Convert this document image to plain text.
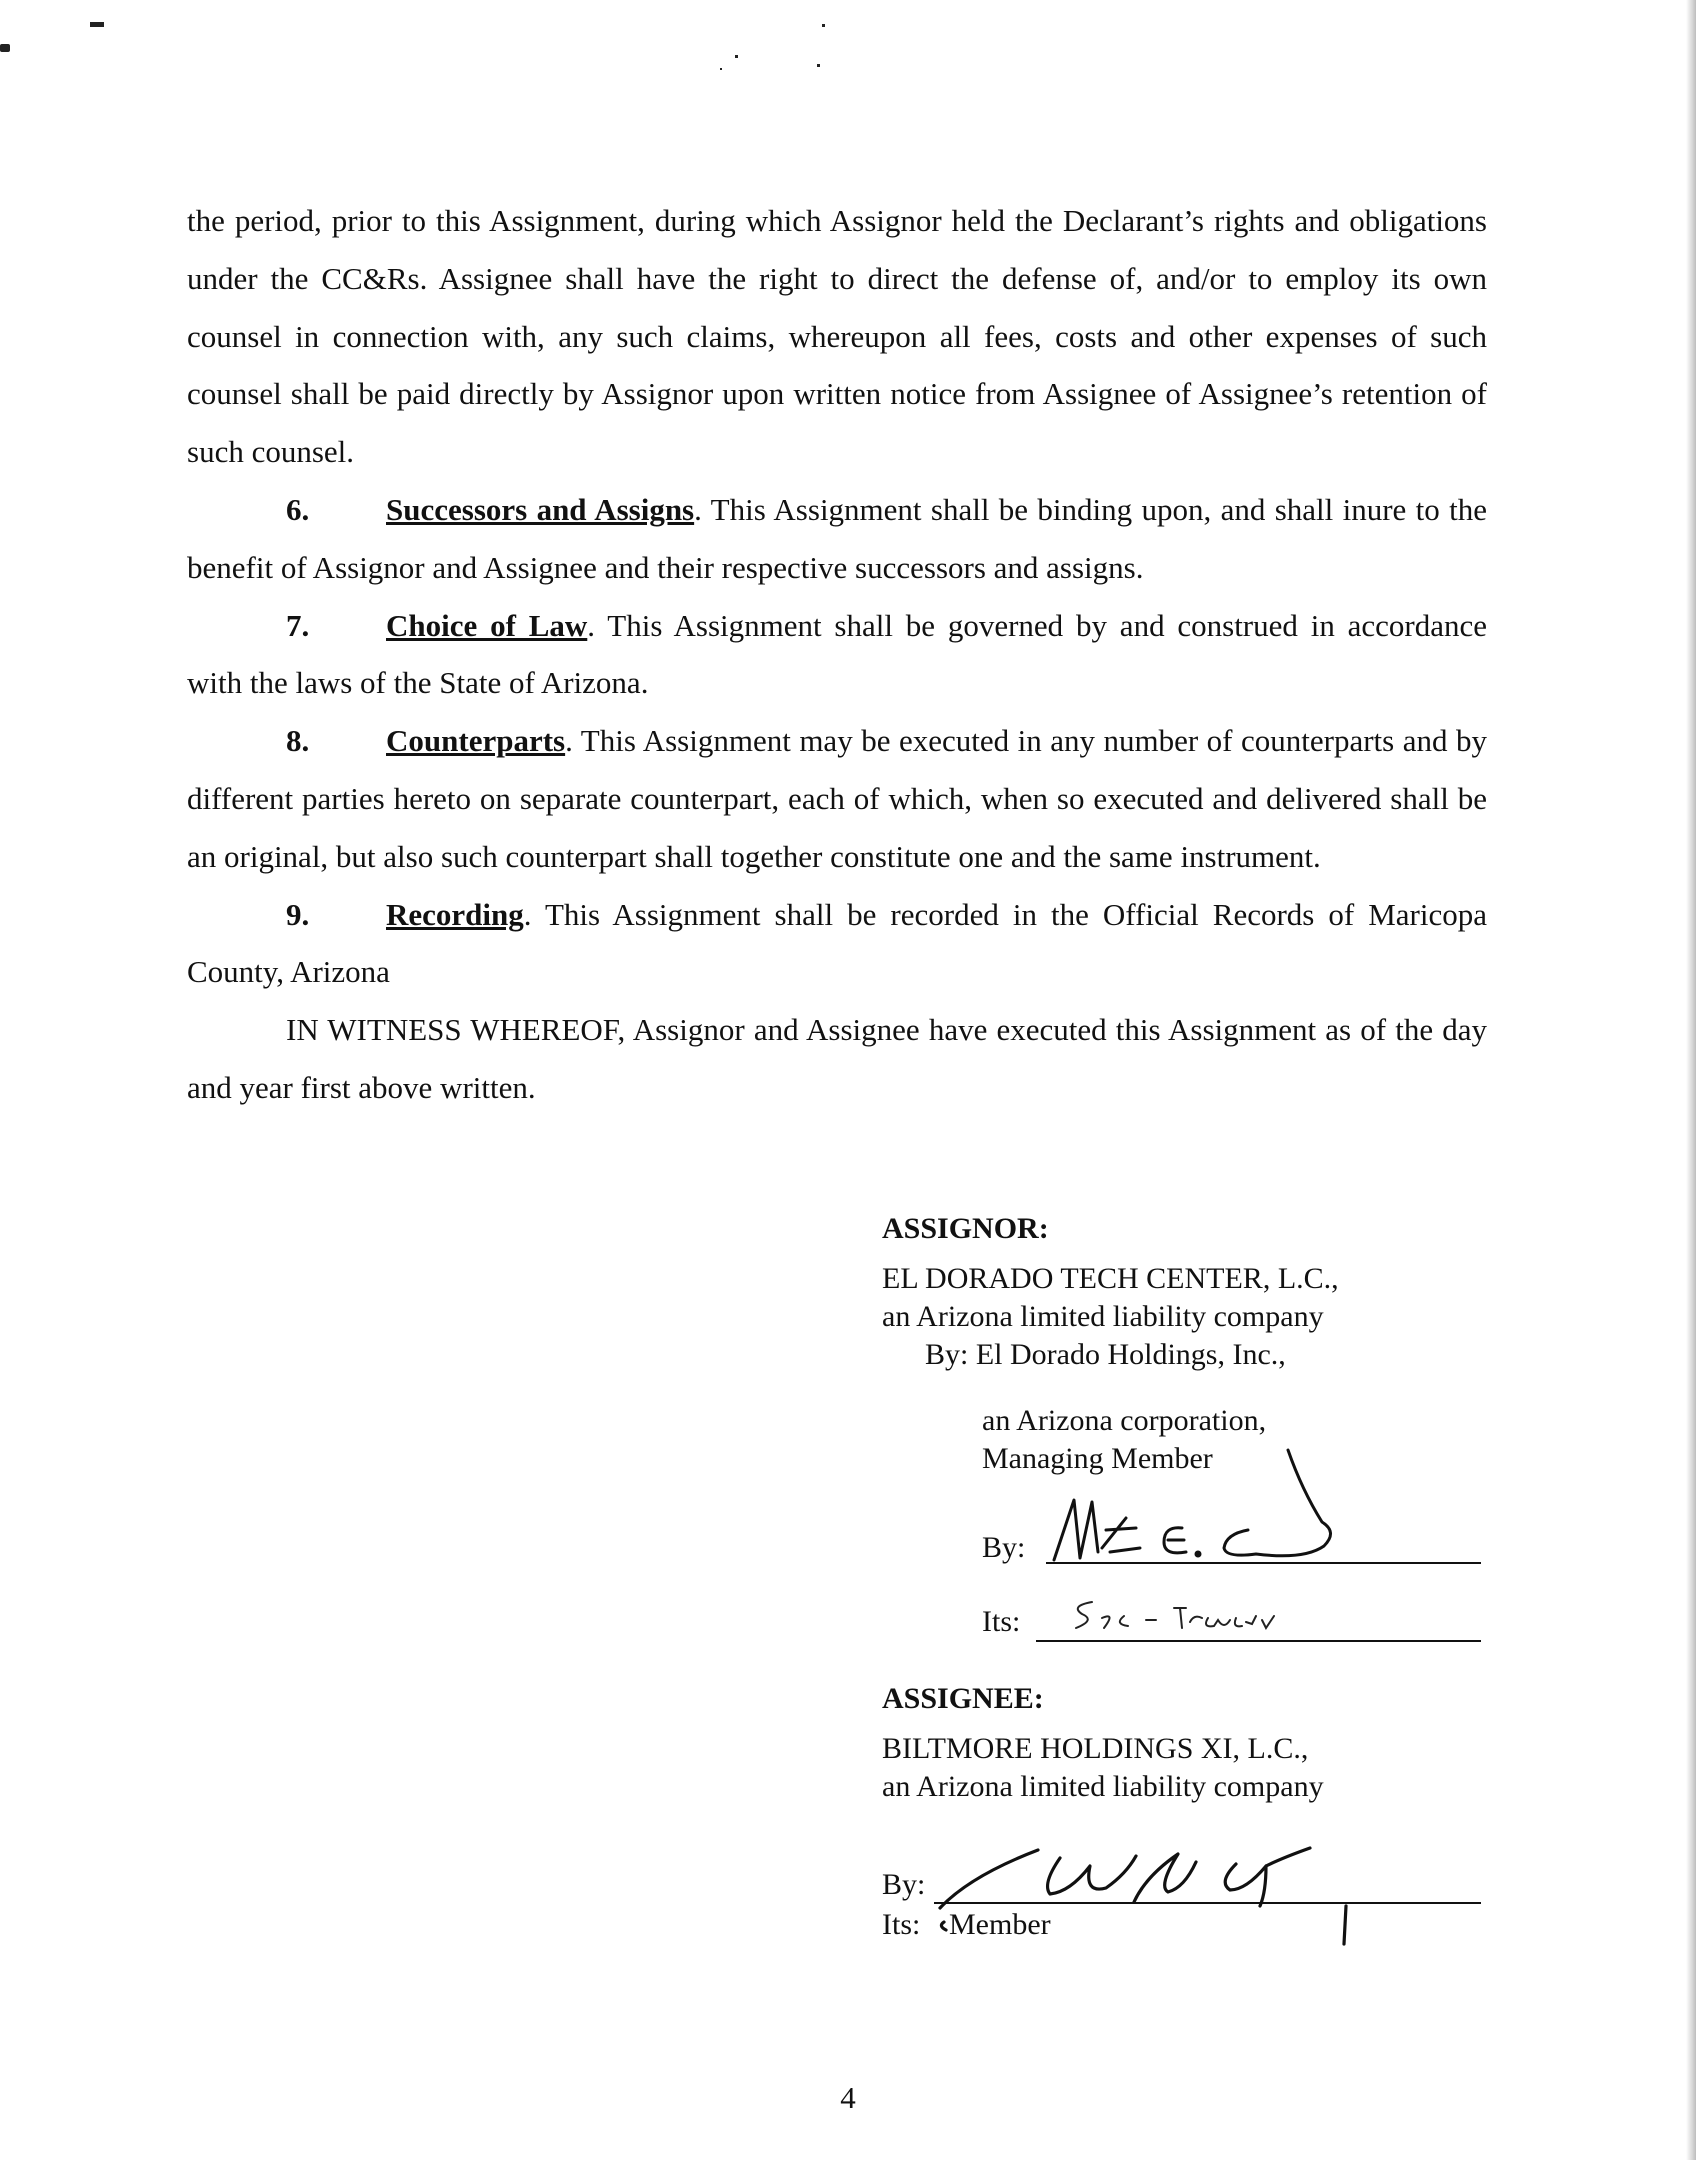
the period, prior to this Assignment, during which Assignor held the Declarant’s rights and obligations under the CC&Rs. Assignee shall have the right to direct the defense of, and/or to employ its own counsel in connection with, any such claims, whereupon all fees, costs and other expenses of such counsel shall be paid directly by Assignor upon written notice from Assignee of Assignee’s retention of such counsel.

6. Successors and Assigns. This Assignment shall be binding upon, and shall inure to the benefit of Assignor and Assignee and their respective successors and assigns.

7. Choice of Law. This Assignment shall be governed by and construed in accordance with the laws of the State of Arizona.

8. Counterparts. This Assignment may be executed in any number of counterparts and by different parties hereto on separate counterpart, each of which, when so executed and delivered shall be an original, but also such counterpart shall together constitute one and the same instrument.

9. Recording. This Assignment shall be recorded in the Official Records of Maricopa County, Arizona

IN WITNESS WHEREOF, Assignor and Assignee have executed this Assignment as of the day and year first above written.

ASSIGNOR:
EL DORADO TECH CENTER, L.C.,
an Arizona limited liability company
By: El Dorado Holdings, Inc.,
an Arizona corporation,
Managing Member
By:
Its:
ASSIGNEE:
BILTMORE HOLDINGS XI, L.C.,
an Arizona limited liability company
By:
Its: Member
4
